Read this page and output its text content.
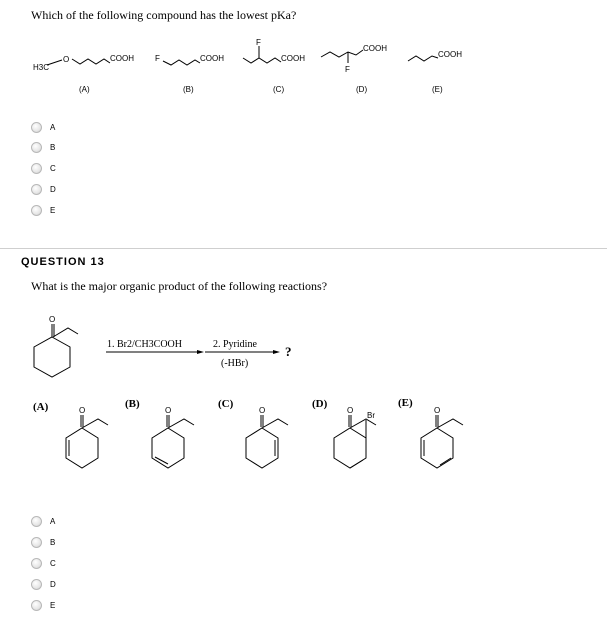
Which of the following compound has the lowest pKa?
H3C
O	COOH	F	COOH
F
COOH
COOH
F
COOH
(A)	(B)	(C)	(D)	(E)
A
B
C
D
E
QUESTION 13
What is the major organic product of the following reactions?
O
1. Br2/CH3COOH	2. Pyridine
(-HBr)
?
(A)	(B)	(C)	(D)	(E)
O	O	O	O
Br
O
A
B
C
D
E
